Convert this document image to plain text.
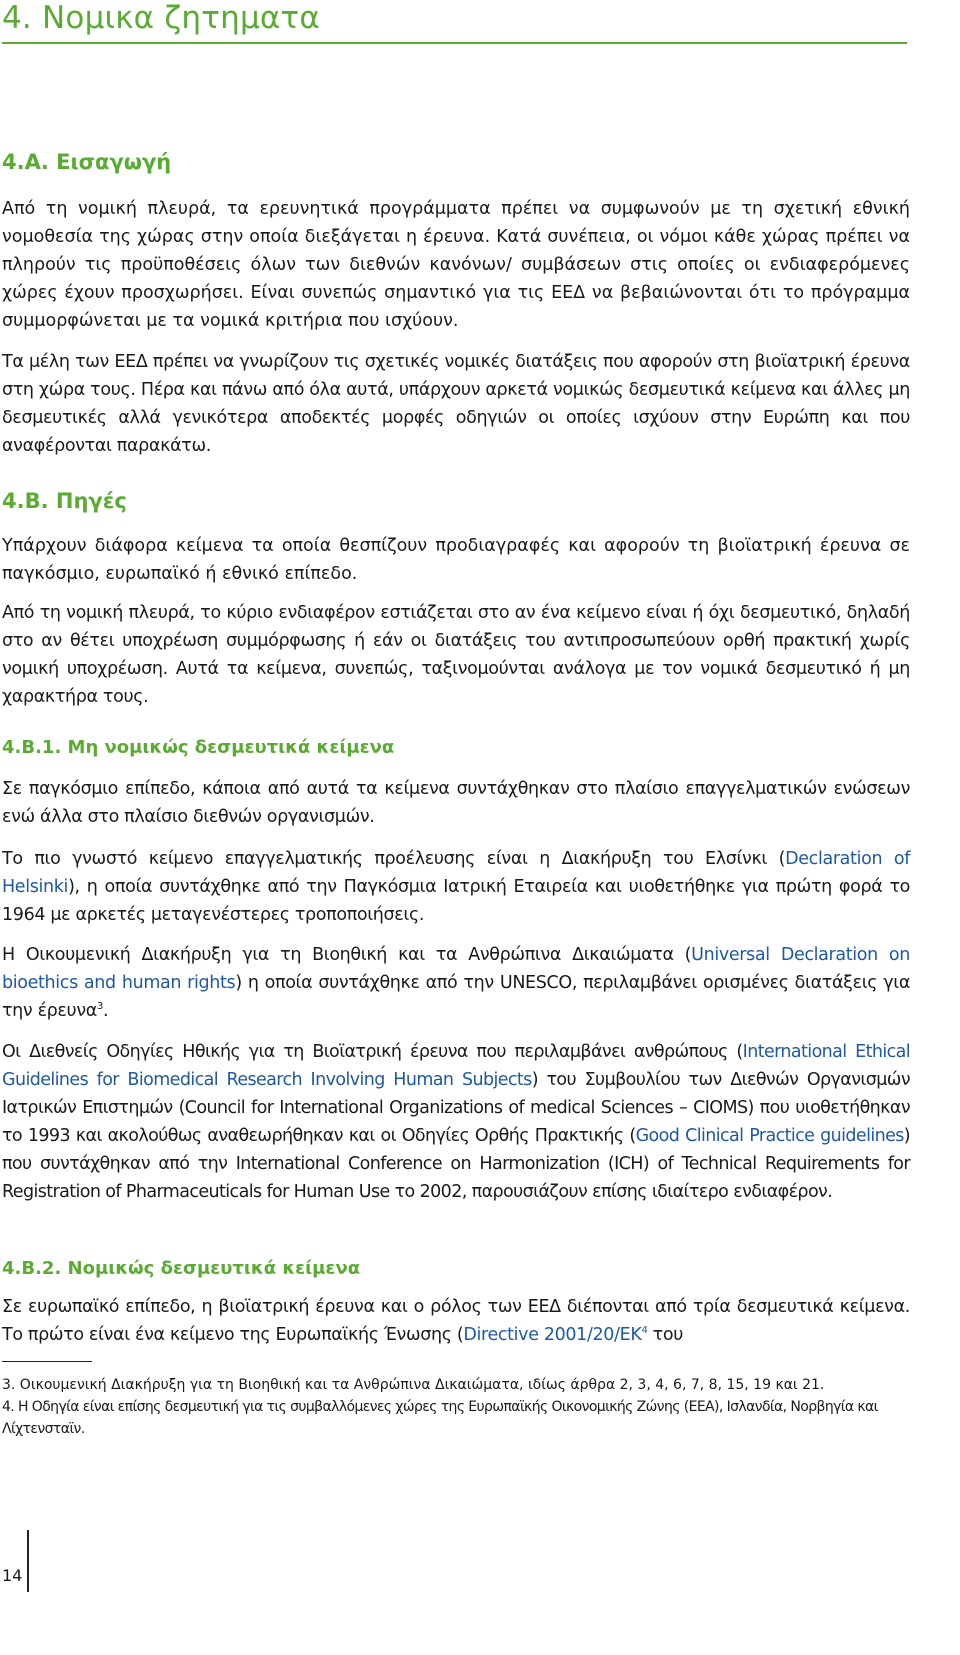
4. Νομικα ζητηματα
4.Α. Εισαγωγή

Από τη νομική πλευρά, τα ερευνητικά προγράμματα πρέπει να συμφωνούν με τη σχετική εθνική νομοθεσία της χώρας στην οποία διεξάγεται η έρευνα. Κατά συνέπεια, οι νόμοι κάθε χώρας πρέπει να πληρούν τις προϋποθέσεις όλων των διεθνών κανόνων/ συμβάσεων στις οποίες οι ενδιαφερόμενες χώρες έχουν προσχωρήσει. Είναι συνεπώς σημαντικό για τις ΕΕΔ να βεβαιώνονται ότι το πρόγραμμα συμμορφώνεται με τα νομικά κριτήρια που ισχύουν.

Τα μέλη των ΕΕΔ πρέπει να γνωρίζουν τις σχετικές νομικές διατάξεις που αφορούν στη βιοϊατρική έρευνα στη χώρα τους. Πέρα και πάνω από όλα αυτά, υπάρχουν αρκετά νομικώς δεσμευτικά κείμενα και άλλες μη δεσμευτικές αλλά γενικότερα αποδεκτές μορφές οδηγιών οι οποίες ισχύουν στην Ευρώπη και που αναφέρονται παρακάτω.

4.Β. Πηγές

Υπάρχουν διάφορα κείμενα τα οποία θεσπίζουν προδιαγραφές και αφορούν τη βιοϊατρική έρευνα σε παγκόσμιο, ευρωπαϊκό ή εθνικό επίπεδο.

Από τη νομική πλευρά, το κύριο ενδιαφέρον εστιάζεται στο αν ένα κείμενο είναι ή όχι δεσμευτικό, δηλαδή στο αν θέτει υποχρέωση συμμόρφωσης ή εάν οι διατάξεις του αντιπροσωπεύουν ορθή πρακτική χωρίς νομική υποχρέωση. Αυτά τα κείμενα, συνεπώς, ταξινομούνται ανάλογα με τον νομικά δεσμευτικό ή μη χαρακτήρα τους.

4.Β.1. Μη νομικώς δεσμευτικά κείμενα

Σε παγκόσμιο επίπεδο, κάποια από αυτά τα κείμενα συντάχθηκαν στο πλαίσιο επαγγελματικών ενώσεων ενώ άλλα στο πλαίσιο διεθνών οργανισμών.

Το πιο γνωστό κείμενο επαγγελματικής προέλευσης είναι η Διακήρυξη του Ελσίνκι (Declaration of Helsinki), η οποία συντάχθηκε από την Παγκόσμια Ιατρική Εταιρεία και υιοθετήθηκε για πρώτη φορά το 1964 με αρκετές μεταγενέστερες τροποποιήσεις.

Η Οικουμενική Διακήρυξη για τη Βιοηθική και τα Ανθρώπινα Δικαιώματα (Universal Declaration on bioethics and human rights) η οποία συντάχθηκε από την UNESCO, περιλαμβάνει ορισμένες διατάξεις για την έρευνα$^3$.

Οι Διεθνείς Οδηγίες Ηθικής για τη Βιοϊατρική έρευνα που περιλαμβάνει ανθρώπους (International Ethical Guidelines for Biomedical Research Involving Human Subjects) του Συμβουλίου των Διεθνών Οργανισμών Ιατρικών Επιστημών (Council for International Organizations of medical Sciences – CIOMS) που υιοθετήθηκαν το 1993 και ακολούθως αναθεωρήθηκαν και οι Οδηγίες Ορθής Πρακτικής (Good Clinical Practice guidelines) που συντάχθηκαν από την International Conference on Harmonization (ICH) of Technical Requirements for Registration of Pharmaceuticals for Human Use το 2002, παρουσιάζουν επίσης ιδιαίτερο ενδιαφέρον.

4.Β.2. Νομικώς δεσμευτικά κείμενα

Σε ευρωπαϊκό επίπεδο, η βιοϊατρική έρευνα και ο ρόλος των ΕΕΔ διέπονται από τρία δεσμευτικά κείμενα. Το πρώτο είναι ένα κείμενο της Ευρωπαϊκής Ένωσης (Directive $2001/20/EK^4$ του

3. Οικουμενική Διακήρυξη για τη Βιοηθική και τα Ανθρώπινα Δικαιώματα, ιδίως άρθρα 2, 3, 4, 6, 7, 8, 15, 19 και 21.

4. Η Οδηγία είναι επίσης δεσμευτική για τις συμβαλλόμενες χώρες της Ευρωπαϊκής Οικονομικής Ζώνης (ΕΕΑ), Ισλανδία, Νορβηγία και Λίχτενσταϊν.

14
